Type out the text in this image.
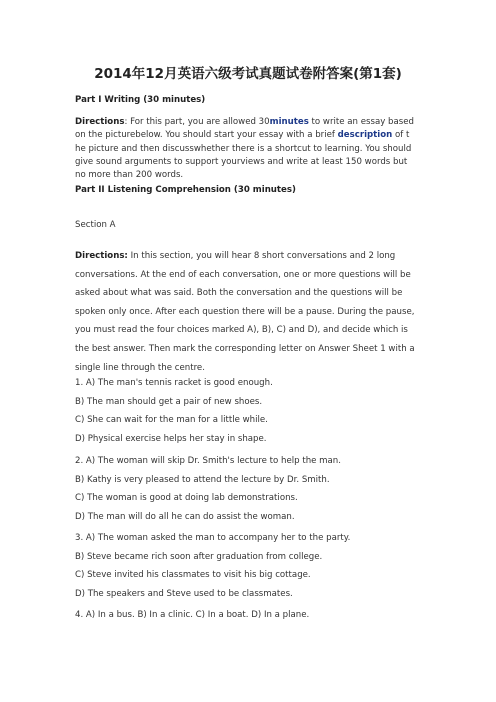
2014年12月英语六级考试真题试卷附答案(第1套)
Part I Writing (30 minutes)
Directions: For this part, you are allowed 30minutes to write an essay based
on the picturebelow. You should start your essay with a brief description of t
he picture and then discusswhether there is a shortcut to learning. You should
give sound arguments to support yourviews and write at least 150 words but
no more than 200 words.
Part II Listening Comprehension (30 minutes)
Section A
Directions: In this section, you will hear 8 short conversations and 2 long
conversations. At the end of each conversation, one or more questions will be
asked about what was said. Both the conversation and the questions will be
spoken only once. After each question there will be a pause. During the pause,
you must read the four choices marked A), B), C) and D), and decide which is
the best answer. Then mark the corresponding letter on Answer Sheet 1 with a
single line through the centre.
1. A) The man's tennis racket is good enough.
B) The man should get a pair of new shoes.
C) She can wait for the man for a little while.
D) Physical exercise helps her stay in shape.
2. A) The woman will skip Dr. Smith's lecture to help the man.
B) Kathy is very pleased to attend the lecture by Dr. Smith.
C) The woman is good at doing lab demonstrations.
D) The man will do all he can do assist the woman.
3. A) The woman asked the man to accompany her to the party.
B) Steve became rich soon after graduation from college.
C) Steve invited his classmates to visit his big cottage.
D) The speakers and Steve used to be classmates.
4. A) In a bus. B) In a clinic. C) In a boat. D) In a plane.
